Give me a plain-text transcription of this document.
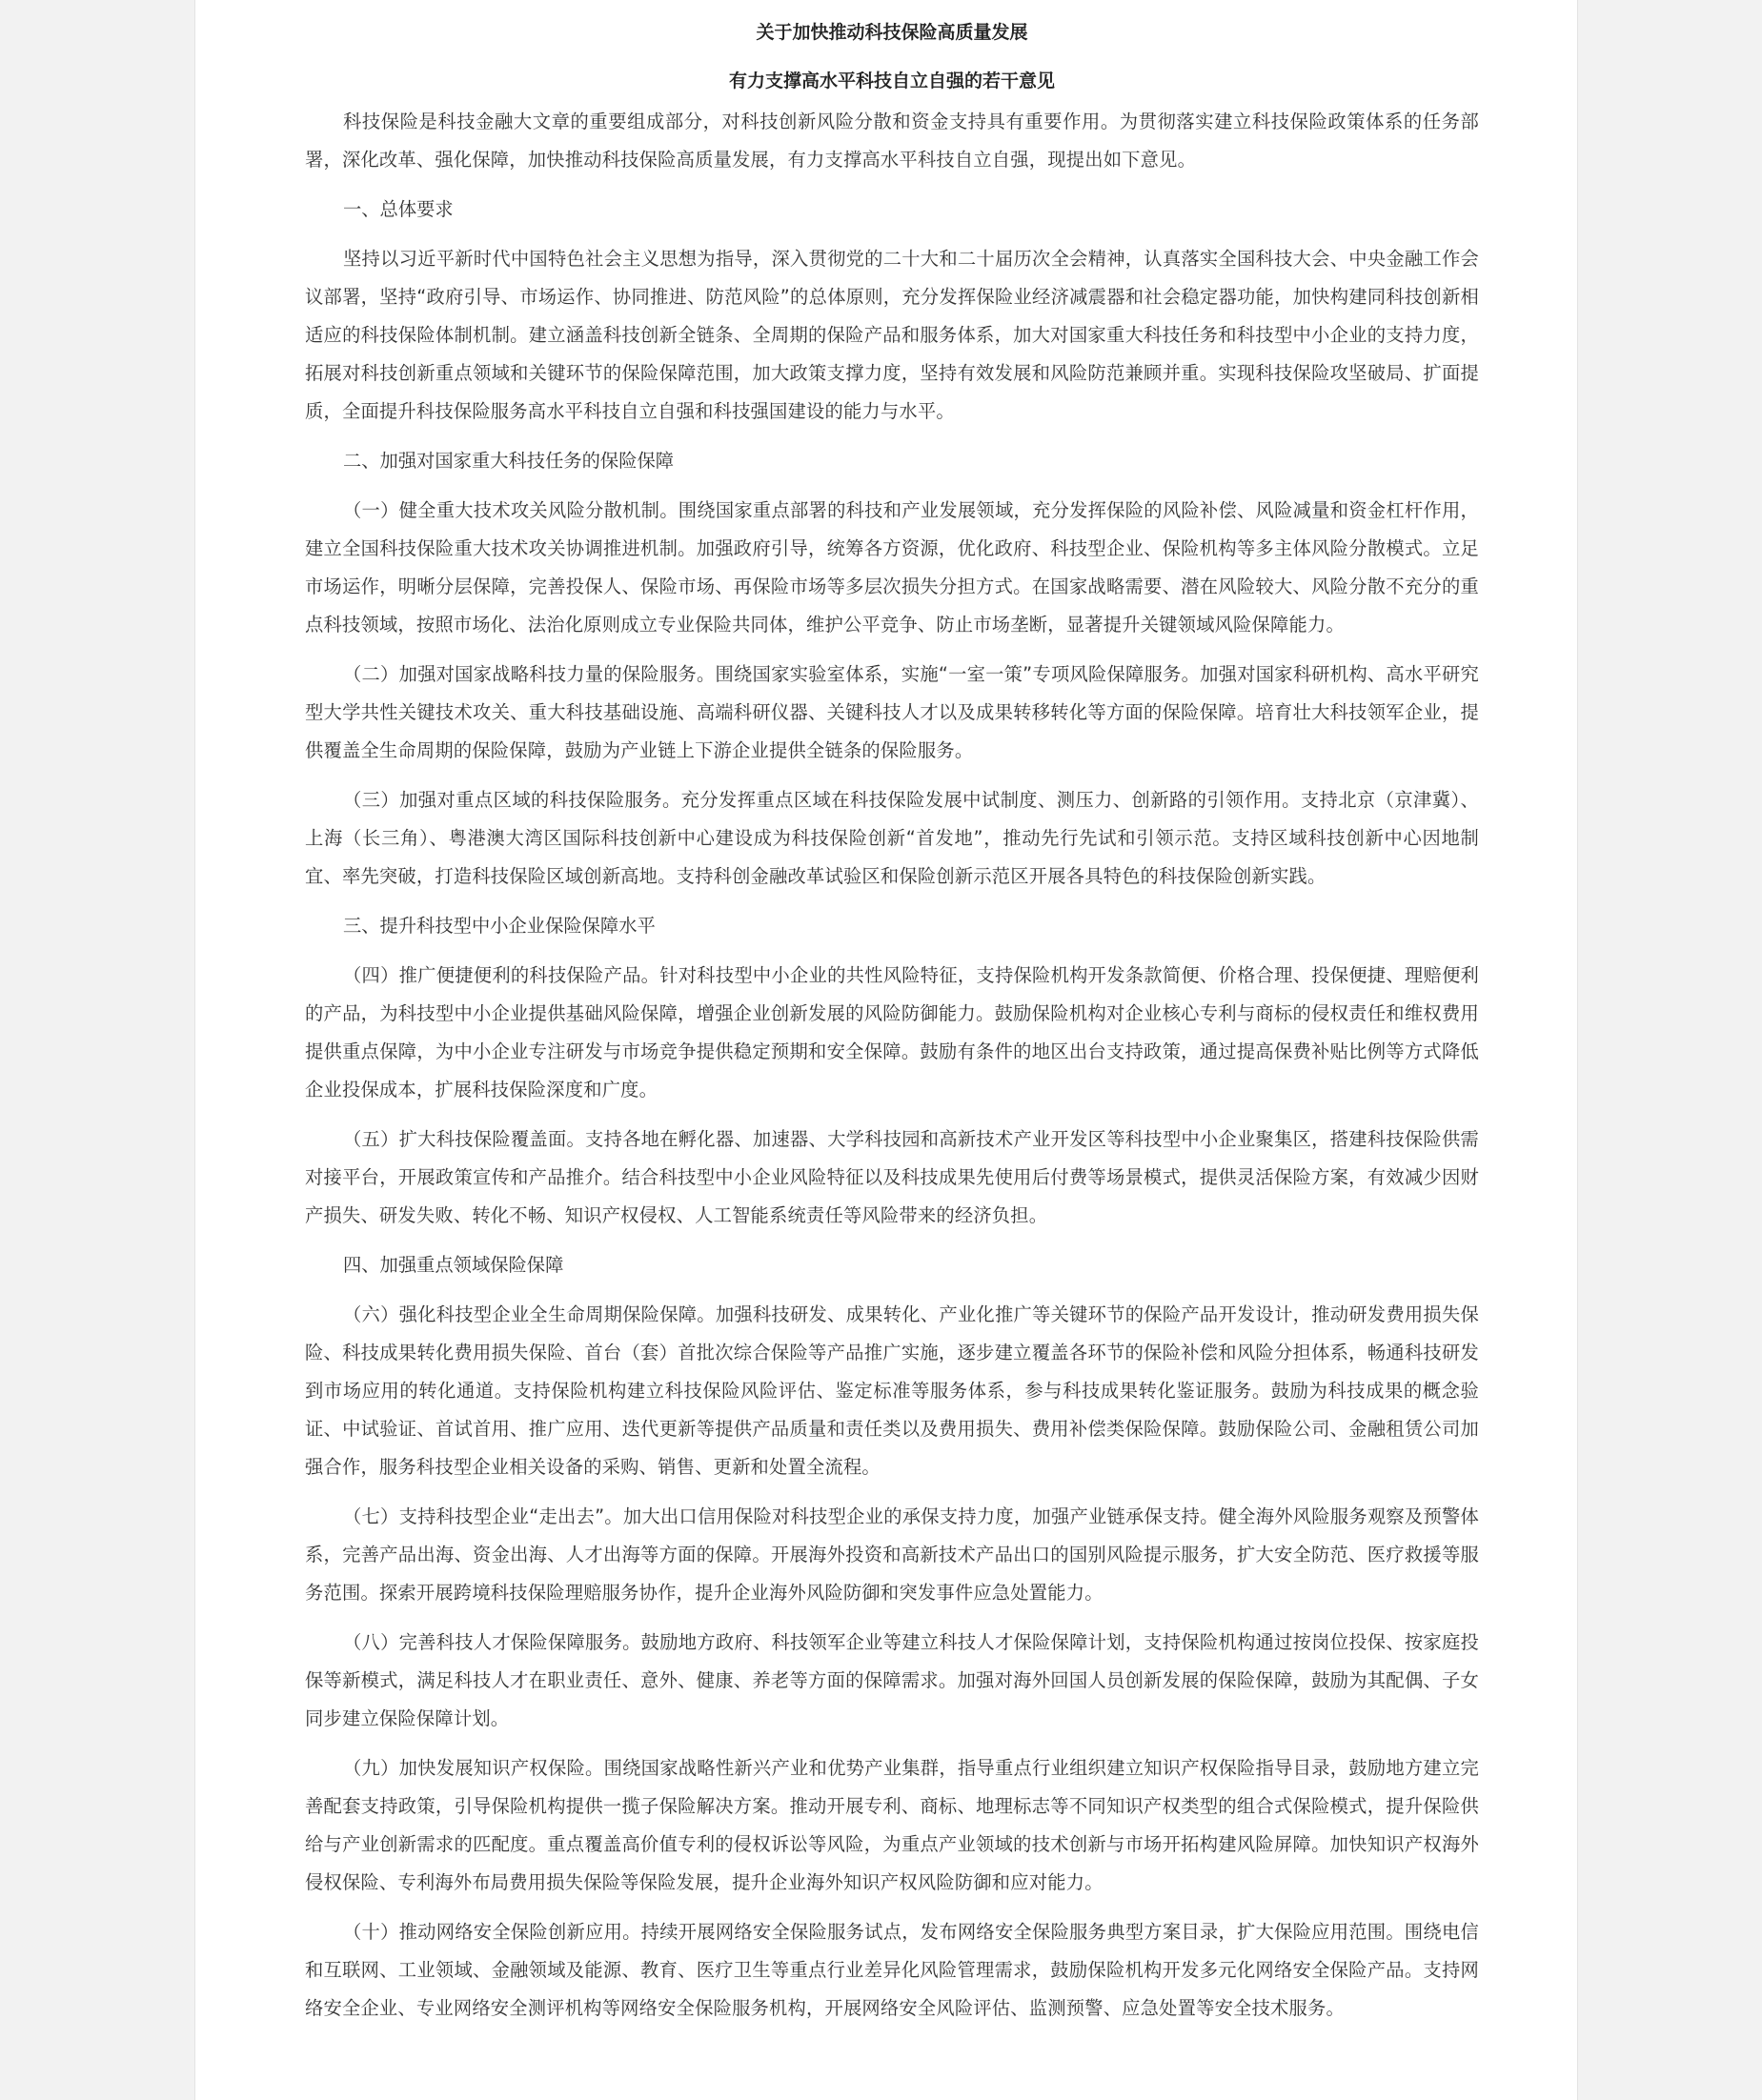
关于加快推动科技保险高质量发展
有力支撑高水平科技自立自强的若干意见

科技保险是科技金融大文章的重要组成部分，对科技创新风险分散和资金支持具有重要作用。为贯彻落实建立科技保险政策体系的任务部署，深化改革、强化保障，加快推动科技保险高质量发展，有力支撑高水平科技自立自强，现提出如下意见。

一、总体要求

坚持以习近平新时代中国特色社会主义思想为指导，深入贯彻党的二十大和二十届历次全会精神，认真落实全国科技大会、中央金融工作会议部署，坚持“政府引导、市场运作、协同推进、防范风险”的总体原则，充分发挥保险业经济减震器和社会稳定器功能，加快构建同科技创新相适应的科技保险体制机制。建立涵盖科技创新全链条、全周期的保险产品和服务体系，加大对国家重大科技任务和科技型中小企业的支持力度，拓展对科技创新重点领域和关键环节的保险保障范围，加大政策支撑力度，坚持有效发展和风险防范兼顾并重。实现科技保险攻坚破局、扩面提质，全面提升科技保险服务高水平科技自立自强和科技强国建设的能力与水平。

二、加强对国家重大科技任务的保险保障

（一）健全重大技术攻关风险分散机制。围绕国家重点部署的科技和产业发展领域，充分发挥保险的风险补偿、风险减量和资金杠杆作用，建立全国科技保险重大技术攻关协调推进机制。加强政府引导，统筹各方资源，优化政府、科技型企业、保险机构等多主体风险分散模式。立足市场运作，明晰分层保障，完善投保人、保险市场、再保险市场等多层次损失分担方式。在国家战略需要、潜在风险较大、风险分散不充分的重点科技领域，按照市场化、法治化原则成立专业保险共同体，维护公平竞争、防止市场垄断，显著提升关键领域风险保障能力。

（二）加强对国家战略科技力量的保险服务。围绕国家实验室体系，实施“一室一策”专项风险保障服务。加强对国家科研机构、高水平研究型大学共性关键技术攻关、重大科技基础设施、高端科研仪器、关键科技人才以及成果转移转化等方面的保险保障。培育壮大科技领军企业，提供覆盖全生命周期的保险保障，鼓励为产业链上下游企业提供全链条的保险服务。

（三）加强对重点区域的科技保险服务。充分发挥重点区域在科技保险发展中试制度、测压力、创新路的引领作用。支持北京（京津冀）、上海（长三角）、粤港澳大湾区国际科技创新中心建设成为科技保险创新“首发地”，推动先行先试和引领示范。支持区域科技创新中心因地制宜、率先突破，打造科技保险区域创新高地。支持科创金融改革试验区和保险创新示范区开展各具特色的科技保险创新实践。

三、提升科技型中小企业保险保障水平

（四）推广便捷便利的科技保险产品。针对科技型中小企业的共性风险特征，支持保险机构开发条款简便、价格合理、投保便捷、理赔便利的产品，为科技型中小企业提供基础风险保障，增强企业创新发展的风险防御能力。鼓励保险机构对企业核心专利与商标的侵权责任和维权费用提供重点保障，为中小企业专注研发与市场竞争提供稳定预期和安全保障。鼓励有条件的地区出台支持政策，通过提高保费补贴比例等方式降低企业投保成本，扩展科技保险深度和广度。

（五）扩大科技保险覆盖面。支持各地在孵化器、加速器、大学科技园和高新技术产业开发区等科技型中小企业聚集区，搭建科技保险供需对接平台，开展政策宣传和产品推介。结合科技型中小企业风险特征以及科技成果先使用后付费等场景模式，提供灵活保险方案，有效减少因财产损失、研发失败、转化不畅、知识产权侵权、人工智能系统责任等风险带来的经济负担。

四、加强重点领域保险保障

（六）强化科技型企业全生命周期保险保障。加强科技研发、成果转化、产业化推广等关键环节的保险产品开发设计，推动研发费用损失保险、科技成果转化费用损失保险、首台（套）首批次综合保险等产品推广实施，逐步建立覆盖各环节的保险补偿和风险分担体系，畅通科技研发到市场应用的转化通道。支持保险机构建立科技保险风险评估、鉴定标准等服务体系，参与科技成果转化鉴证服务。鼓励为科技成果的概念验证、中试验证、首试首用、推广应用、迭代更新等提供产品质量和责任类以及费用损失、费用补偿类保险保障。鼓励保险公司、金融租赁公司加强合作，服务科技型企业相关设备的采购、销售、更新和处置全流程。

（七）支持科技型企业“走出去”。加大出口信用保险对科技型企业的承保支持力度，加强产业链承保支持。健全海外风险服务观察及预警体系，完善产品出海、资金出海、人才出海等方面的保障。开展海外投资和高新技术产品出口的国别风险提示服务，扩大安全防范、医疗救援等服务范围。探索开展跨境科技保险理赔服务协作，提升企业海外风险防御和突发事件应急处置能力。

（八）完善科技人才保险保障服务。鼓励地方政府、科技领军企业等建立科技人才保险保障计划，支持保险机构通过按岗位投保、按家庭投保等新模式，满足科技人才在职业责任、意外、健康、养老等方面的保障需求。加强对海外回国人员创新发展的保险保障，鼓励为其配偶、子女同步建立保险保障计划。

（九）加快发展知识产权保险。围绕国家战略性新兴产业和优势产业集群，指导重点行业组织建立知识产权保险指导目录，鼓励地方建立完善配套支持政策，引导保险机构提供一揽子保险解决方案。推动开展专利、商标、地理标志等不同知识产权类型的组合式保险模式，提升保险供给与产业创新需求的匹配度。重点覆盖高价值专利的侵权诉讼等风险，为重点产业领域的技术创新与市场开拓构建风险屏障。加快知识产权海外侵权保险、专利海外布局费用损失保险等保险发展，提升企业海外知识产权风险防御和应对能力。

（十）推动网络安全保险创新应用。持续开展网络安全保险服务试点，发布网络安全保险服务典型方案目录，扩大保险应用范围。围绕电信和互联网、工业领域、金融领域及能源、教育、医疗卫生等重点行业差异化风险管理需求，鼓励保险机构开发多元化网络安全保险产品。支持网络安全企业、专业网络安全测评机构等网络安全保险服务机构，开展网络安全风险评估、监测预警、应急处置等安全技术服务。
